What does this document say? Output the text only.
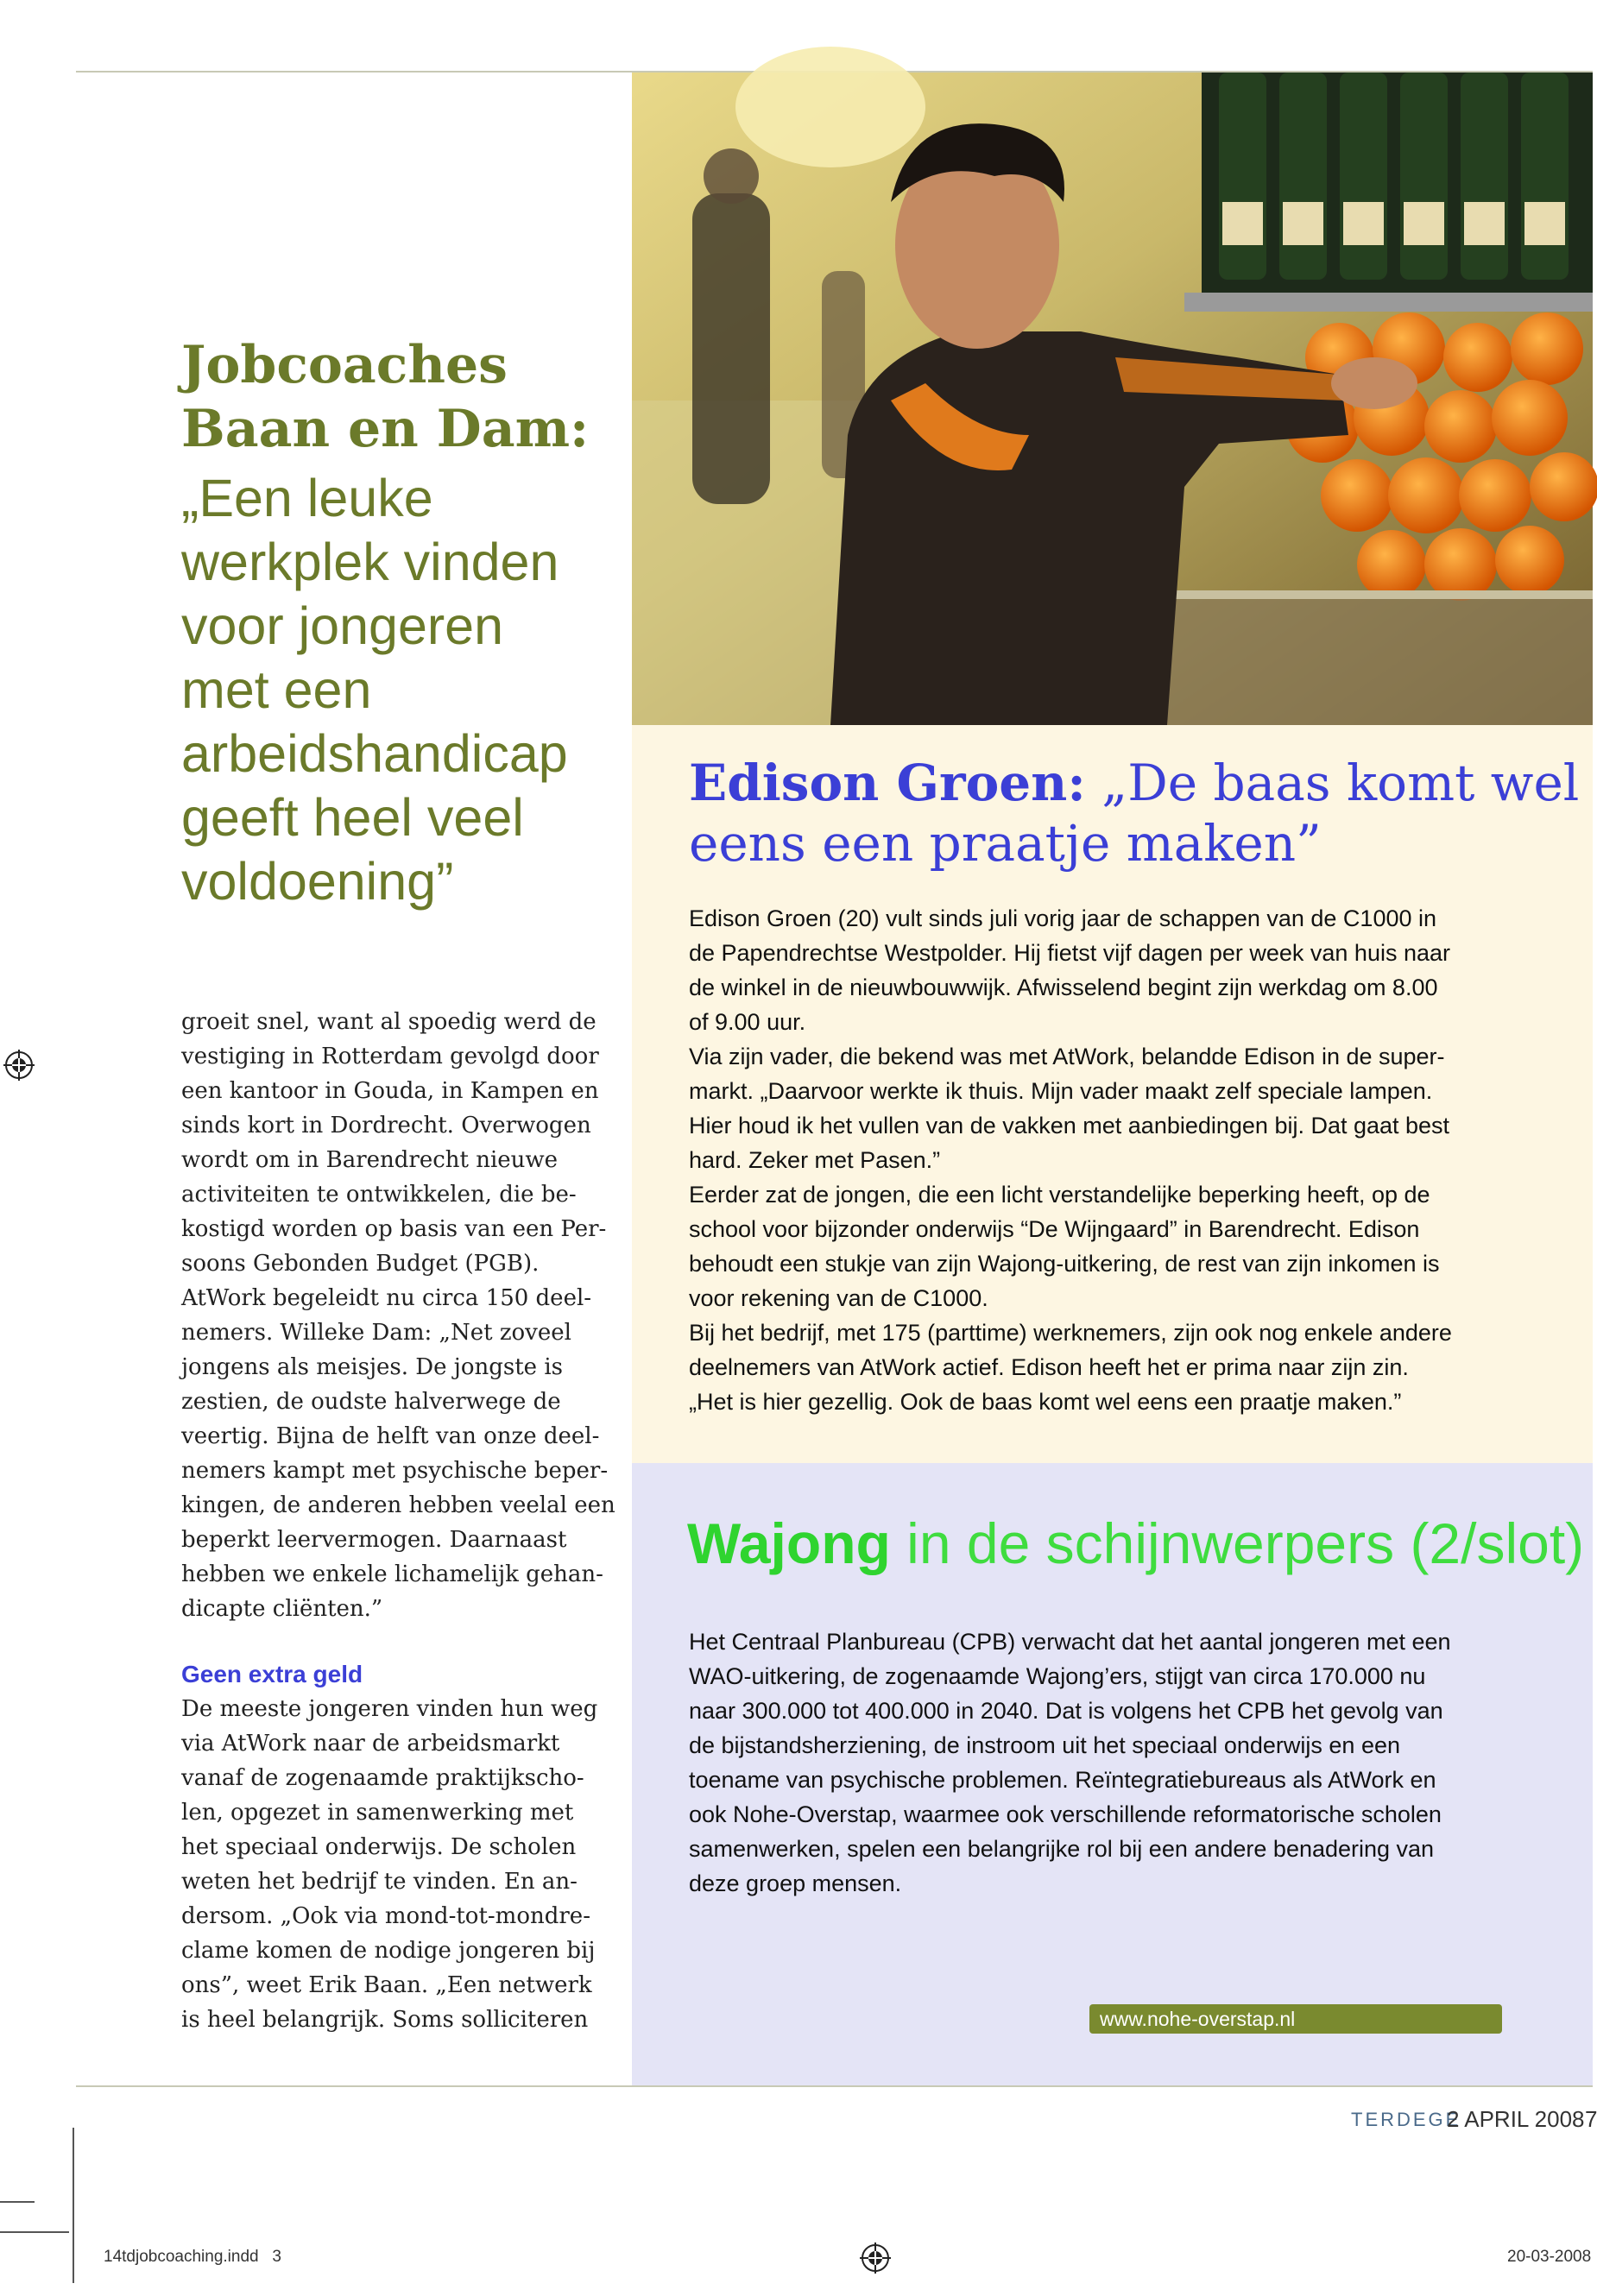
Jobcoaches
Baan en Dam:
„Een leuke
werkplek vinden
voor jongeren
met een
arbeidshandicap
geeft heel veel
voldoening”
groeit snel, want al spoedig werd de
vestiging in Rotterdam gevolgd door
een kantoor in Gouda, in Kampen en
sinds kort in Dordrecht. Overwogen
wordt om in Barendrecht nieuwe
activiteiten te ontwikkelen, die be-
kostigd worden op basis van een Per-
soons Gebonden Budget (PGB).
AtWork begeleidt nu circa 150 deel-
nemers. Willeke Dam: „Net zoveel
jongens als meisjes. De jongste is
zestien, de oudste halverwege de
veertig. Bijna de helft van onze deel-
nemers kampt met psychische beper-
kingen, de anderen hebben veelal een
beperkt leervermogen. Daarnaast
hebben we enkele lichamelijk gehan-
dicapte cliënten.”
Geen extra geld
De meeste jongeren vinden hun weg
via AtWork naar de arbeidsmarkt
vanaf de zogenaamde praktijkscho-
len, opgezet in samenwerking met
het speciaal onderwijs. De scholen
weten het bedrijf te vinden. En an-
dersom. „Ook via mond-tot-mondre-
clame komen de nodige jongeren bij
ons”, weet Erik Baan. „Een netwerk
is heel belangrijk. Soms solliciteren
Edison Groen: „De baas komt wel
eens een praatje maken”
Edison Groen (20) vult sinds juli vorig jaar de schappen van de C1000 in
de Papendrechtse Westpolder. Hij fietst vijf dagen per week van huis naar
de winkel in de nieuwbouwwijk. Afwisselend begint zijn werkdag om 8.00
of 9.00 uur.
Via zijn vader, die bekend was met AtWork, belandde Edison in de super-
markt. „Daarvoor werkte ik thuis. Mijn vader maakt zelf speciale lampen.
Hier houd ik het vullen van de vakken met aanbiedingen bij. Dat gaat best
hard. Zeker met Pasen.”
Eerder zat de jongen, die een licht verstandelijke beperking heeft, op de
school voor bijzonder onderwijs “De Wijngaard” in Barendrecht. Edison
behoudt een stukje van zijn Wajong-uitkering, de rest van zijn inkomen is
voor rekening van de C1000.
Bij het bedrijf, met 175 (parttime) werknemers, zijn ook nog enkele andere
deelnemers van AtWork actief. Edison heeft het er prima naar zijn zin.
„Het is hier gezellig. Ook de baas komt wel eens een praatje maken.”
Wajong in de schijnwerpers (2/slot)
Het Centraal Planbureau (CPB) verwacht dat het aantal jongeren met een
WAO-uitkering, de zogenaamde Wajong’ers, stijgt van circa 170.000 nu
naar 300.000 tot 400.000 in 2040. Dat is volgens het CPB het gevolg van
de bijstandsherziening, de instroom uit het speciaal onderwijs en een
toename van psychische problemen. Reïntegratiebureaus als AtWork en
ook Nohe-Overstap, waarmee ook verschillende reformatorische scholen
samenwerken, spelen een belangrijke rol bij een andere benadering van
deze groep mensen.
www.nohe-overstap.nl
TERDEGE
2 APRIL 2008 7
14tdjobcoaching.indd   3	20-03-2008
